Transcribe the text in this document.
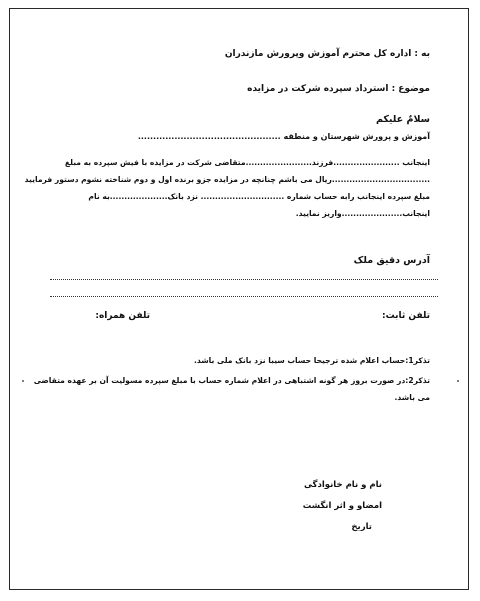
به : اداره کل محترم آموزش وپرورش مازندران
موضوع : استرداد سپرده شرکت در مزایده
سلامٌ علیکم
آموزش و پرورش شهرستان و منطقه ...............................................
اینجانب .......................فرزند.......................متقاضی شرکت در مزایده با فیش سپرده به مبلغ
..................................ریال می باشم چنانچه در مزایده جزو برنده اول و دوم شناخته نشوم دستور فرمایید
مبلغ سپرده اینجانب رابه حساب شماره ............................. نزد بانک....................به نام
اینجانب.....................واریز نمایید.
آدرس دقیق ملک
تلفن ثابت:
تلفن همراه:
تذکر1:حساب اعلام شده ترجیحا حساب سیبا نزد بانک ملی باشد.
تذکر2:در صورت بروز هر گونه اشتباهی در اعلام شماره حساب با مبلغ سپرده مسولیت آن بر عهده متقاضی
می باشد.
نام و نام خانوادگی
امضاو و اثر انگشت
تاریخ
